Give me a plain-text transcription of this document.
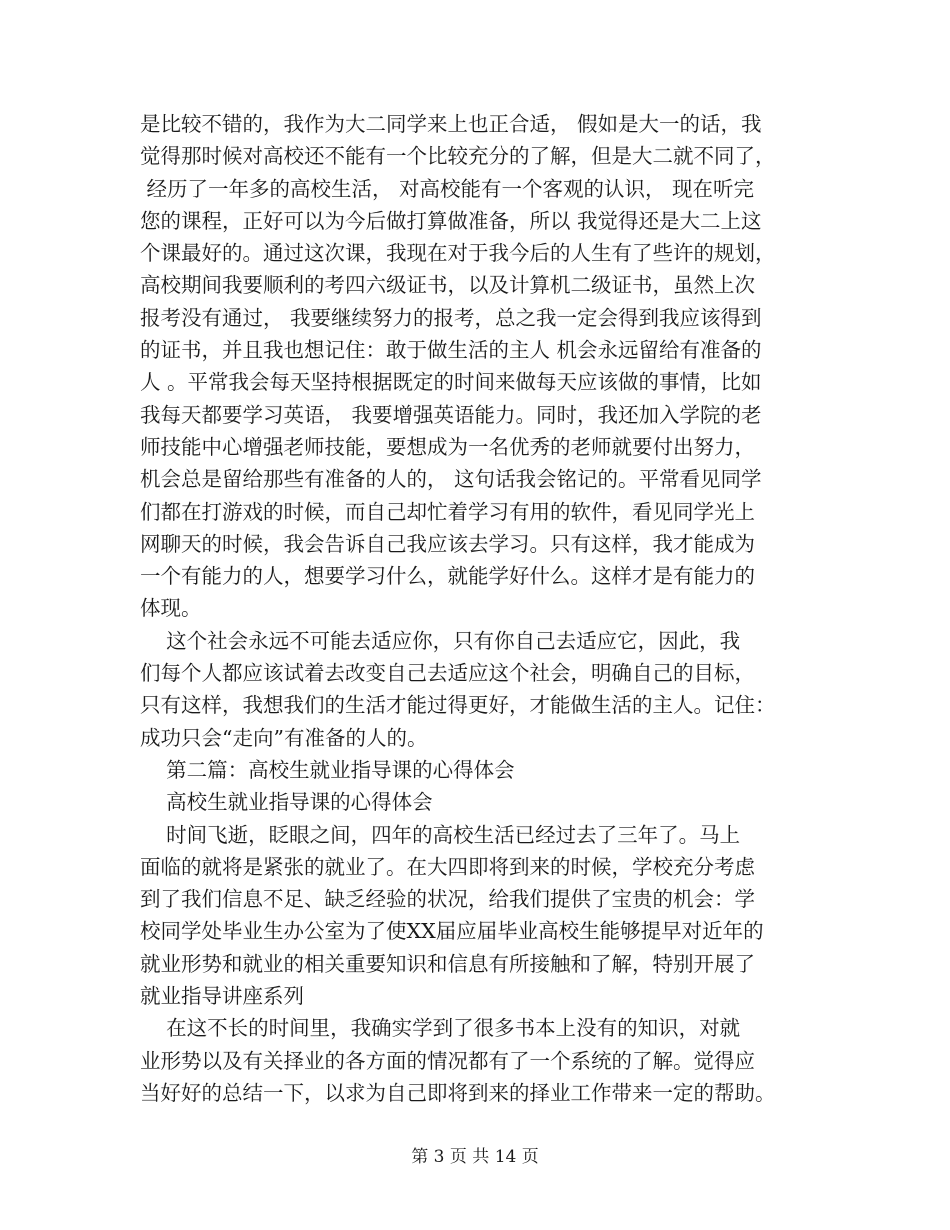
是比较不错的，我作为大二同学来上也正合适， 假如是大一的话，我
觉得那时候对高校还不能有一个比较充分的了解，但是大二就不同了，
经历了一年多的高校生活， 对高校能有一个客观的认识， 现在听完
您的课程，正好可以为今后做打算做准备，所以 我觉得还是大二上这
个课最好的。通过这次课，我现在对于我今后的人生有了些许的规划，
高校期间我要顺利的考四六级证书，以及计算机二级证书，虽然上次
报考没有通过， 我要继续努力的报考，总之我一定会得到我应该得到
的证书，并且我也想记住：敢于做生活的主人 机会永远留给有准备的
人 。平常我会每天坚持根据既定的时间来做每天应该做的事情，比如
我每天都要学习英语， 我要增强英语能力。同时，我还加入学院的老
师技能中心增强老师技能，要想成为一名优秀的老师就要付出努力，
机会总是留给那些有准备的人的， 这句话我会铭记的。平常看见同学
们都在打游戏的时候，而自己却忙着学习有用的软件，看见同学光上
网聊天的时候，我会告诉自己我应该去学习。只有这样，我才能成为
一个有能力的人，想要学习什么，就能学好什么。这样才是有能力的
体现。
这个社会永远不可能去适应你，只有你自己去适应它，因此，我
们每个人都应该试着去改变自己去适应这个社会，明确自己的目标，
只有这样，我想我们的生活才能过得更好，才能做生活的主人。记住：
成功只会“走向”有准备的人的。
第二篇：高校生就业指导课的心得体会
高校生就业指导课的心得体会
时间飞逝，眨眼之间，四年的高校生活已经过去了三年了。马上
面临的就将是紧张的就业了。在大四即将到来的时候，学校充分考虑
到了我们信息不足、缺乏经验的状况，给我们提供了宝贵的机会：学
校同学处毕业生办公室为了使XX届应届毕业高校生能够提早对近年的
就业形势和就业的相关重要知识和信息有所接触和了解，特别开展了
就业指导讲座系列
在这不长的时间里，我确实学到了很多书本上没有的知识，对就
业形势以及有关择业的各方面的情况都有了一个系统的了解。觉得应
当好好的总结一下，以求为自己即将到来的择业工作带来一定的帮助。
第 3 页 共 14 页
